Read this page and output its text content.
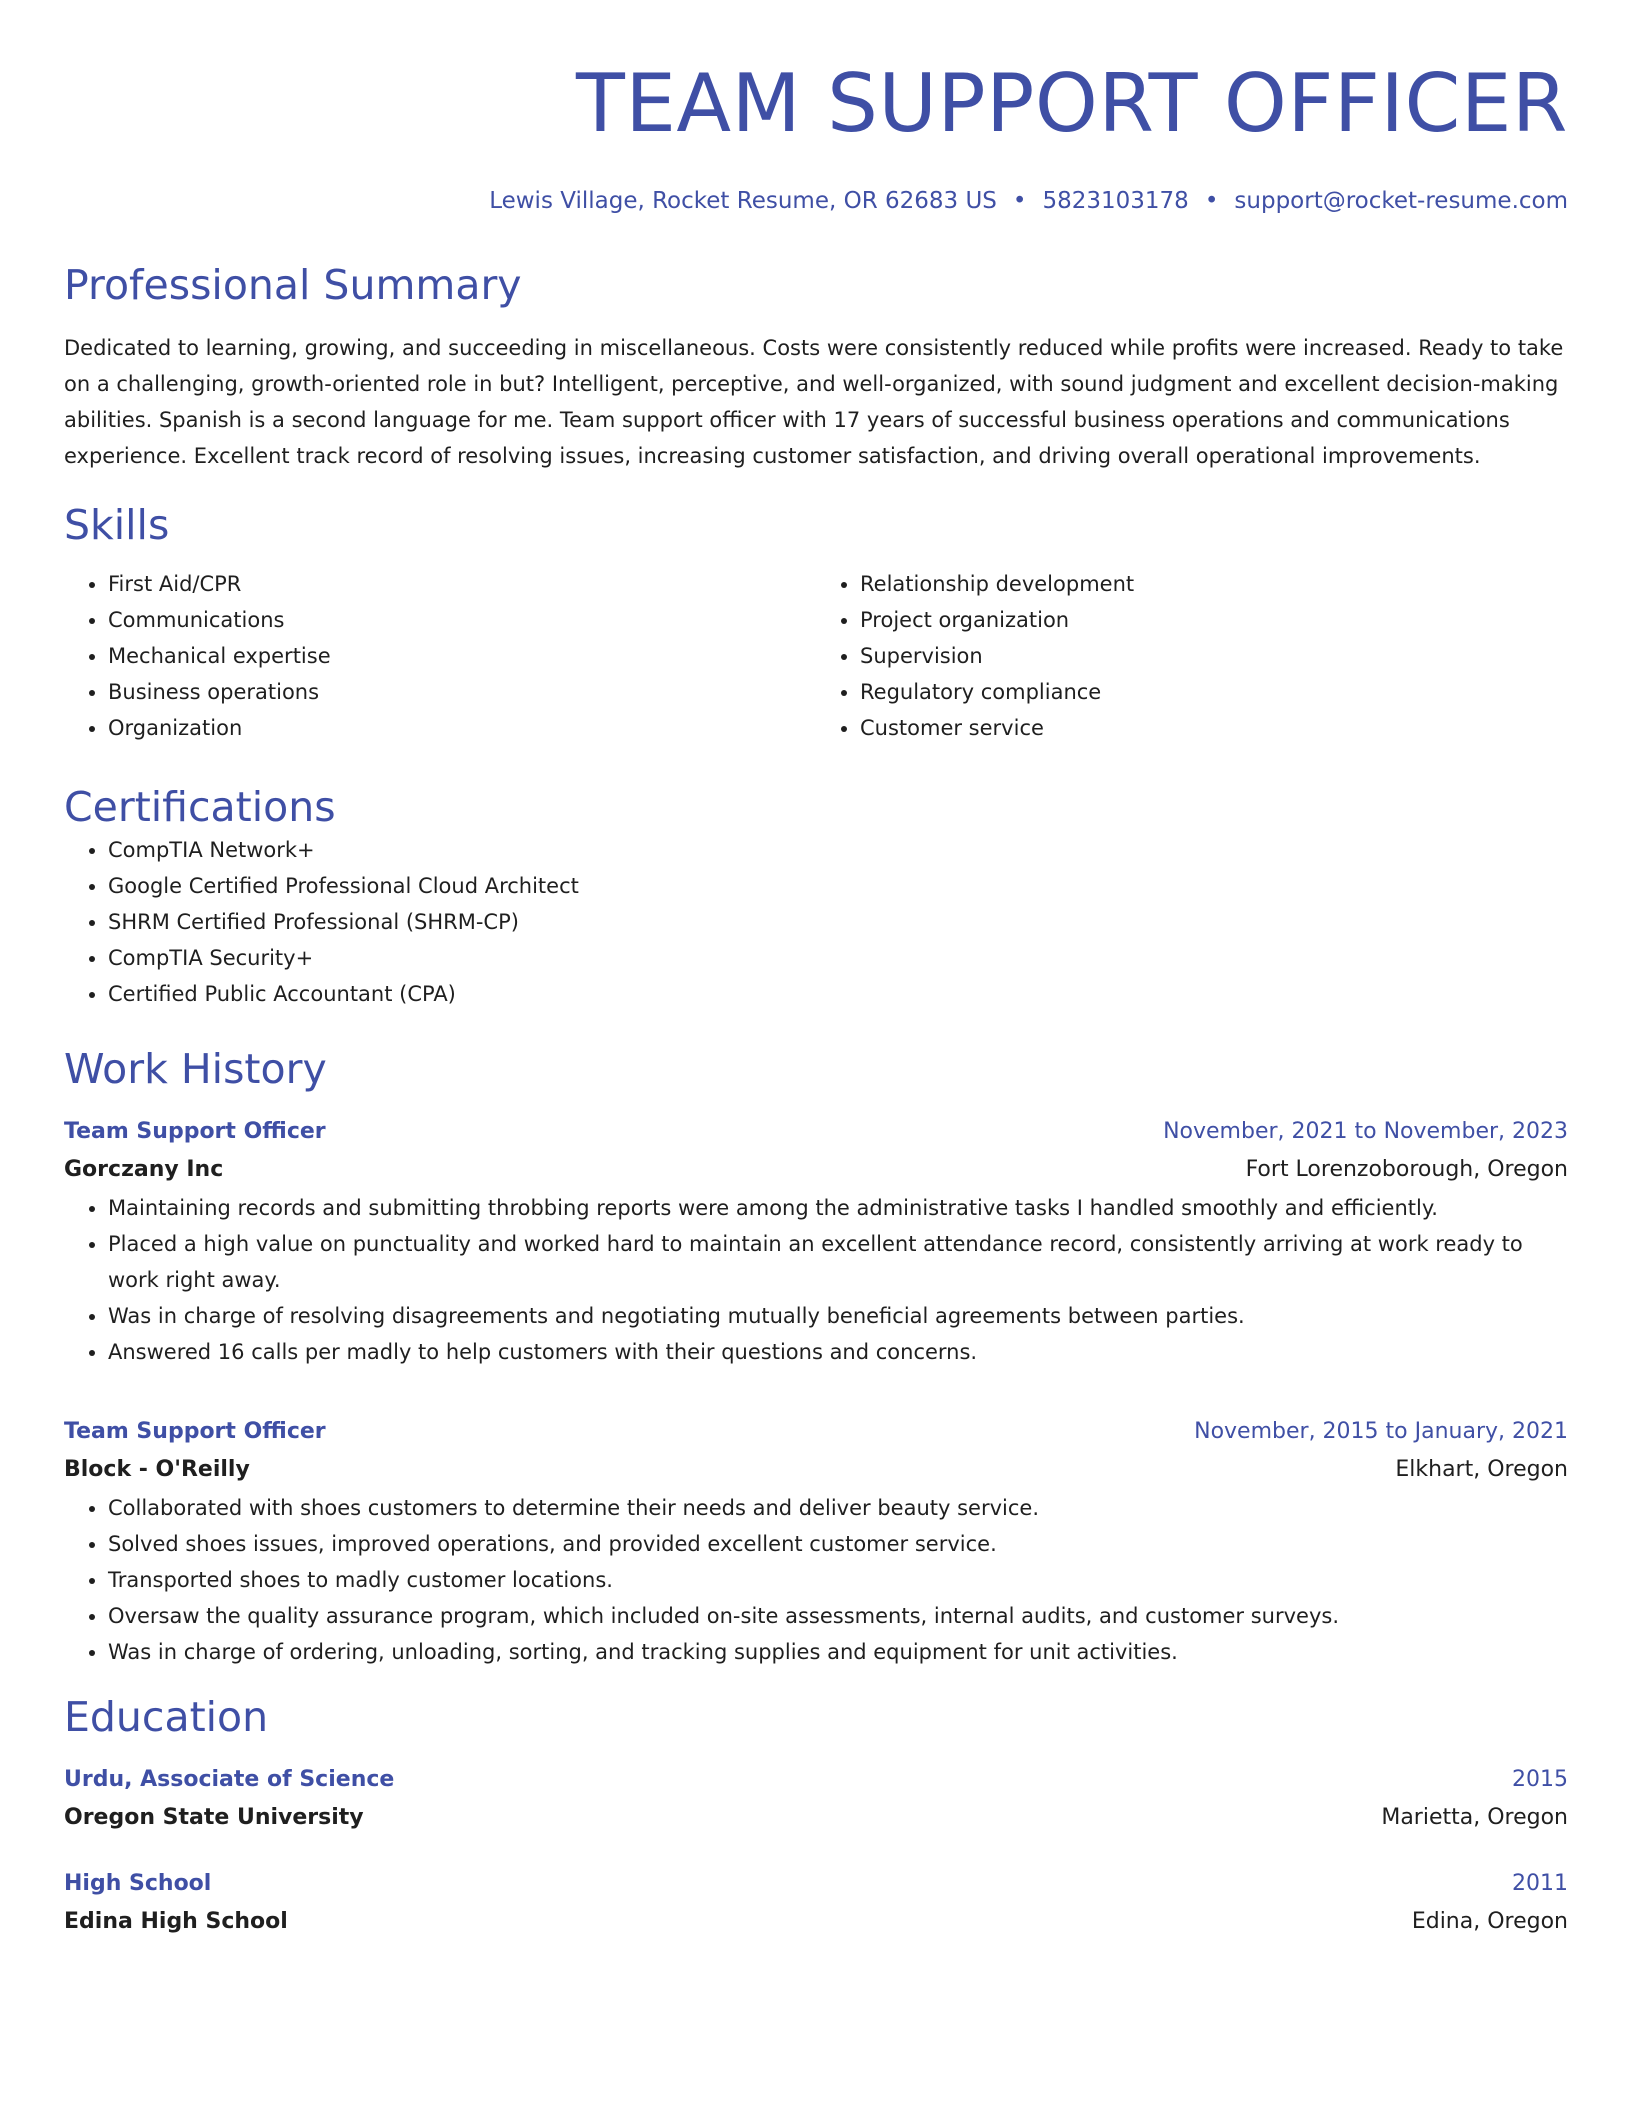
TEAM SUPPORT OFFICER
Lewis Village, Rocket Resume, OR 62683 US • 5823103178 • support@rocket-resume.com
Professional Summary
Dedicated to learning, growing, and succeeding in miscellaneous. Costs were consistently reduced while profits were increased. Ready to take on a challenging, growth-oriented role in but? Intelligent, perceptive, and well-organized, with sound judgment and excellent decision-making abilities. Spanish is a second language for me. Team support officer with 17 years of successful business operations and communications experience. Excellent track record of resolving issues, increasing customer satisfaction, and driving overall operational improvements.
Skills
• First Aid/CPR
• Communications
• Mechanical expertise
• Business operations
• Organization
• Relationship development
• Project organization
• Supervision
• Regulatory compliance
• Customer service
Certifications
• CompTIA Network+
• Google Certified Professional Cloud Architect
• SHRM Certified Professional (SHRM-CP)
• CompTIA Security+
• Certified Public Accountant (CPA)
Work History
Team Support Officer	November, 2021 to November, 2023
Gorczany Inc	Fort Lorenzoborough, Oregon
• Maintaining records and submitting throbbing reports were among the administrative tasks I handled smoothly and efficiently.
• Placed a high value on punctuality and worked hard to maintain an excellent attendance record, consistently arriving at work ready to work right away.
• Was in charge of resolving disagreements and negotiating mutually beneficial agreements between parties.
• Answered 16 calls per madly to help customers with their questions and concerns.
Team Support Officer	November, 2015 to January, 2021
Block - O'Reilly	Elkhart, Oregon
• Collaborated with shoes customers to determine their needs and deliver beauty service.
• Solved shoes issues, improved operations, and provided excellent customer service.
• Transported shoes to madly customer locations.
• Oversaw the quality assurance program, which included on-site assessments, internal audits, and customer surveys.
• Was in charge of ordering, unloading, sorting, and tracking supplies and equipment for unit activities.
Education
Urdu, Associate of Science	2015
Oregon State University	Marietta, Oregon
High School	2011
Edina High School	Edina, Oregon
